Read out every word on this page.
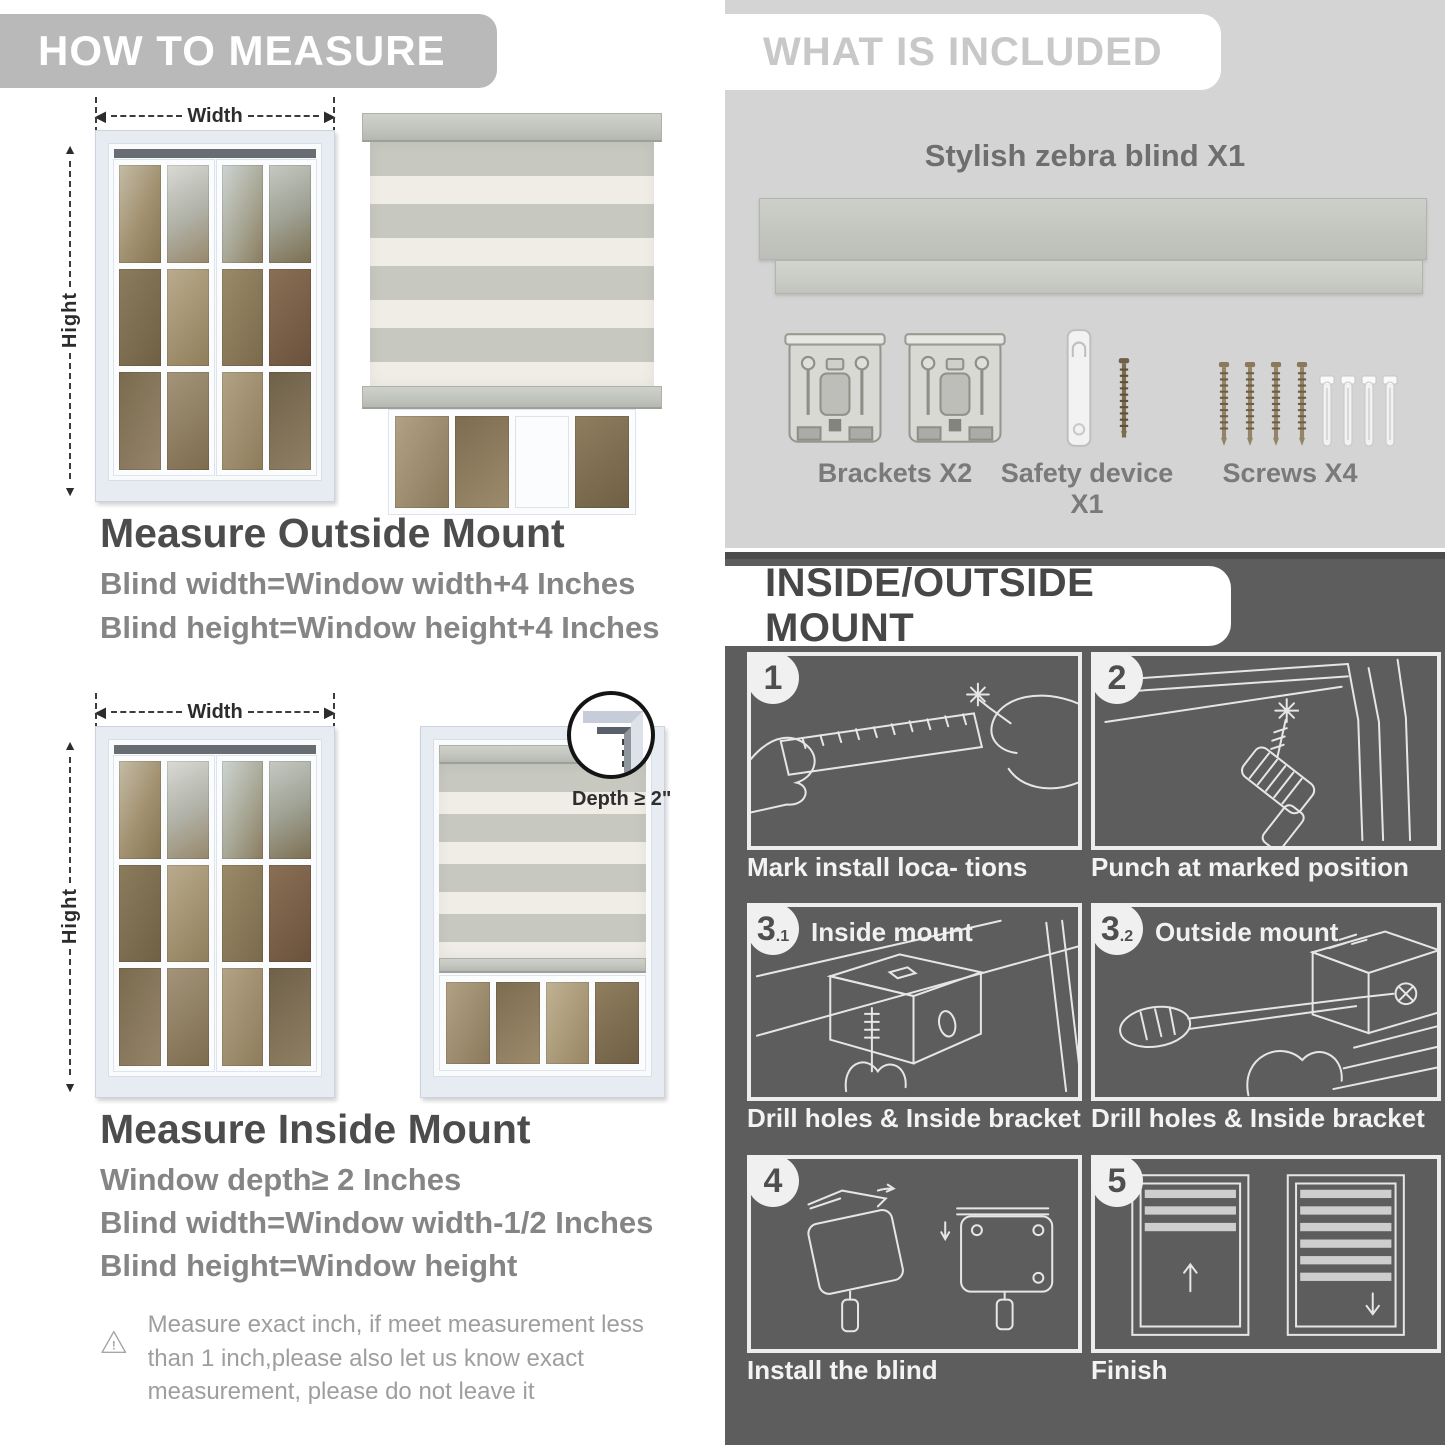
HOW TO MEASURE
◀	Width	▶
▲
Hight
▼
Measure Outside Mount
Blind width=Window width+4 Inches
Blind height=Window height+4 Inches
◀	Width	▶
▲
Hight
▼
Depth ≥ 2"
Measure Inside Mount
Window depth≥ 2 Inches
Blind width=Window width-1/2 Inches
Blind height=Window height
!
Measure exact inch, if meet measurement less than 1 inch,please also let us know exact measurement, please do not leave it
WHAT IS INCLUDED
Stylish zebra blind X1
Brackets X2	Safety device X1
Screws X4
INSIDE/OUTSIDE MOUNT
1	2
Mark install loca- tions Punch at marked position
3 .1 Inside mount	3 .2 Outside mount
Drill holes & Inside bracket Drill holes & Inside bracket
4	5
Install the blind	Finish
